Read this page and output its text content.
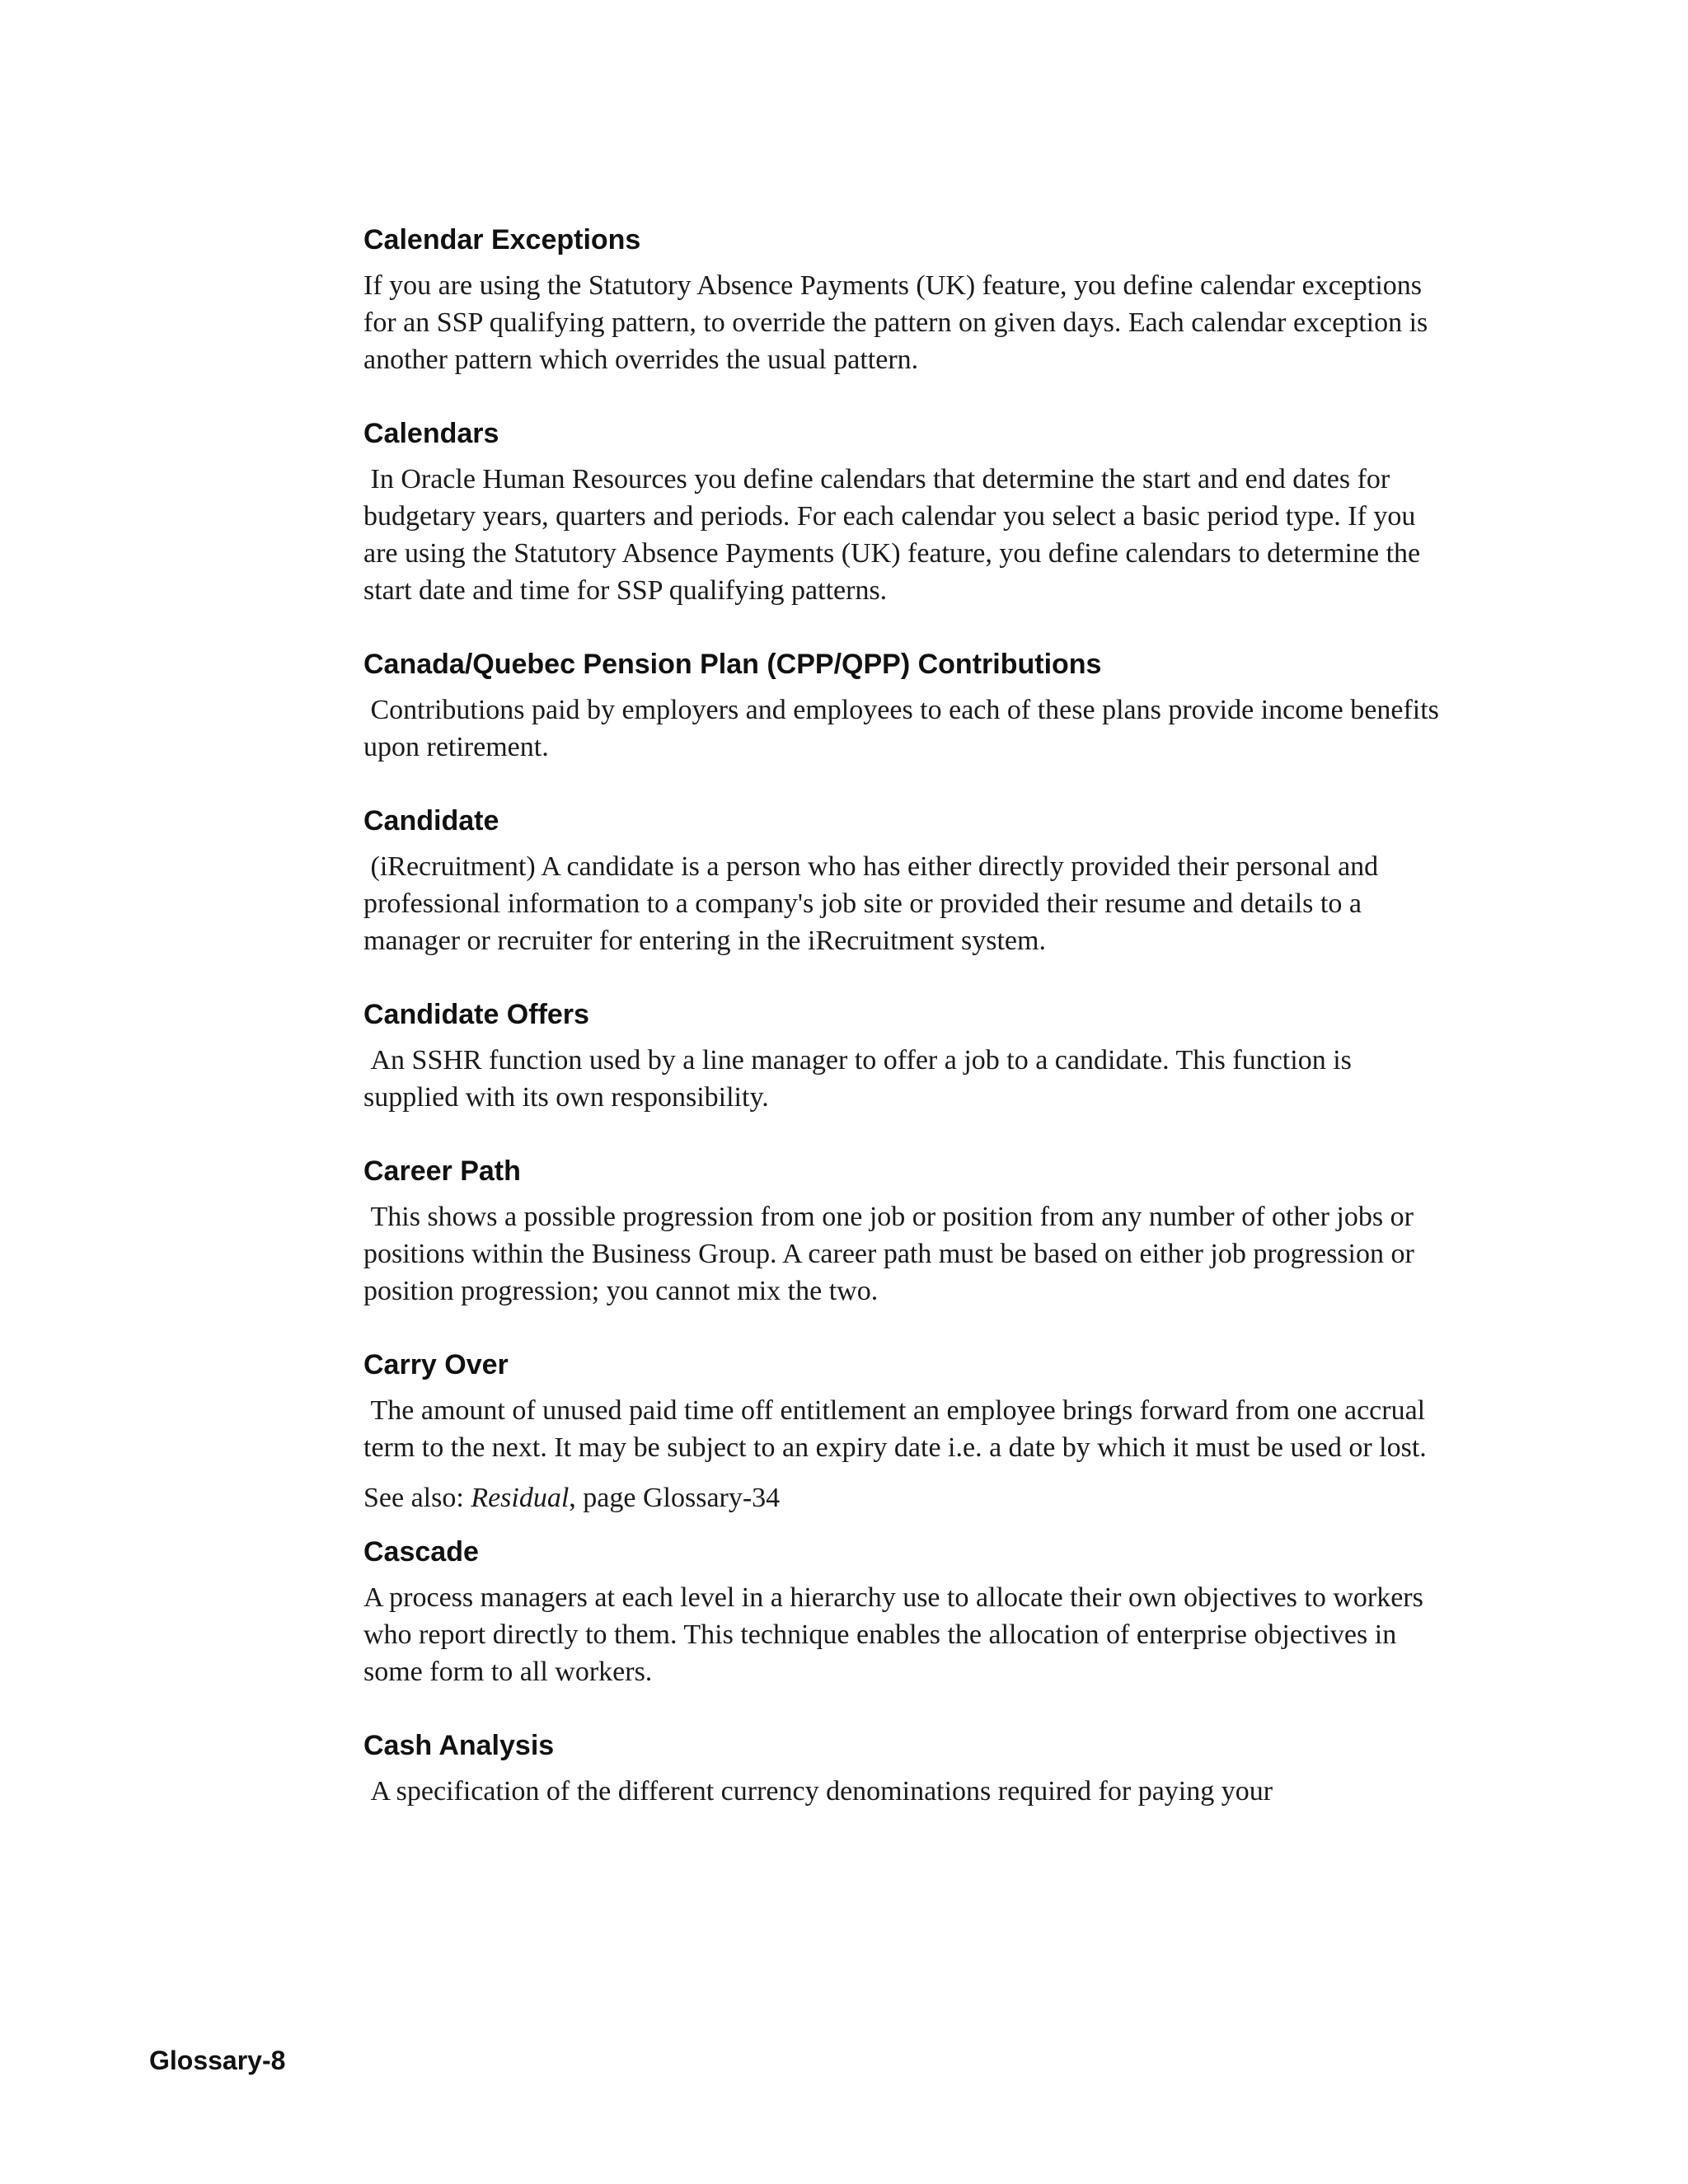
Calendar Exceptions

If you are using the Statutory Absence Payments (UK) feature, you define calendar exceptions for an SSP qualifying pattern, to override the pattern on given days. Each calendar exception is another pattern which overrides the usual pattern.

Calendars

In Oracle Human Resources you define calendars that determine the start and end dates for budgetary years, quarters and periods. For each calendar you select a basic period type. If you are using the Statutory Absence Payments (UK) feature, you define calendars to determine the start date and time for SSP qualifying patterns.

Canada/Quebec Pension Plan (CPP/QPP) Contributions

Contributions paid by employers and employees to each of these plans provide income benefits upon retirement.

Candidate

(iRecruitment) A candidate is a person who has either directly provided their personal and professional information to a company's job site or provided their resume and details to a manager or recruiter for entering in the iRecruitment system.

Candidate Offers

An SSHR function used by a line manager to offer a job to a candidate. This function is supplied with its own responsibility.

Career Path

This shows a possible progression from one job or position from any number of other jobs or positions within the Business Group. A career path must be based on either job progression or position progression; you cannot mix the two.

Carry Over

The amount of unused paid time off entitlement an employee brings forward from one accrual term to the next. It may be subject to an expiry date i.e. a date by which it must be used or lost.

See also: Residual, page Glossary-34

Cascade

A process managers at each level in a hierarchy use to allocate their own objectives to workers who report directly to them. This technique enables the allocation of enterprise objectives in some form to all workers.

Cash Analysis

A specification of the different currency denominations required for paying your

Glossary-8
